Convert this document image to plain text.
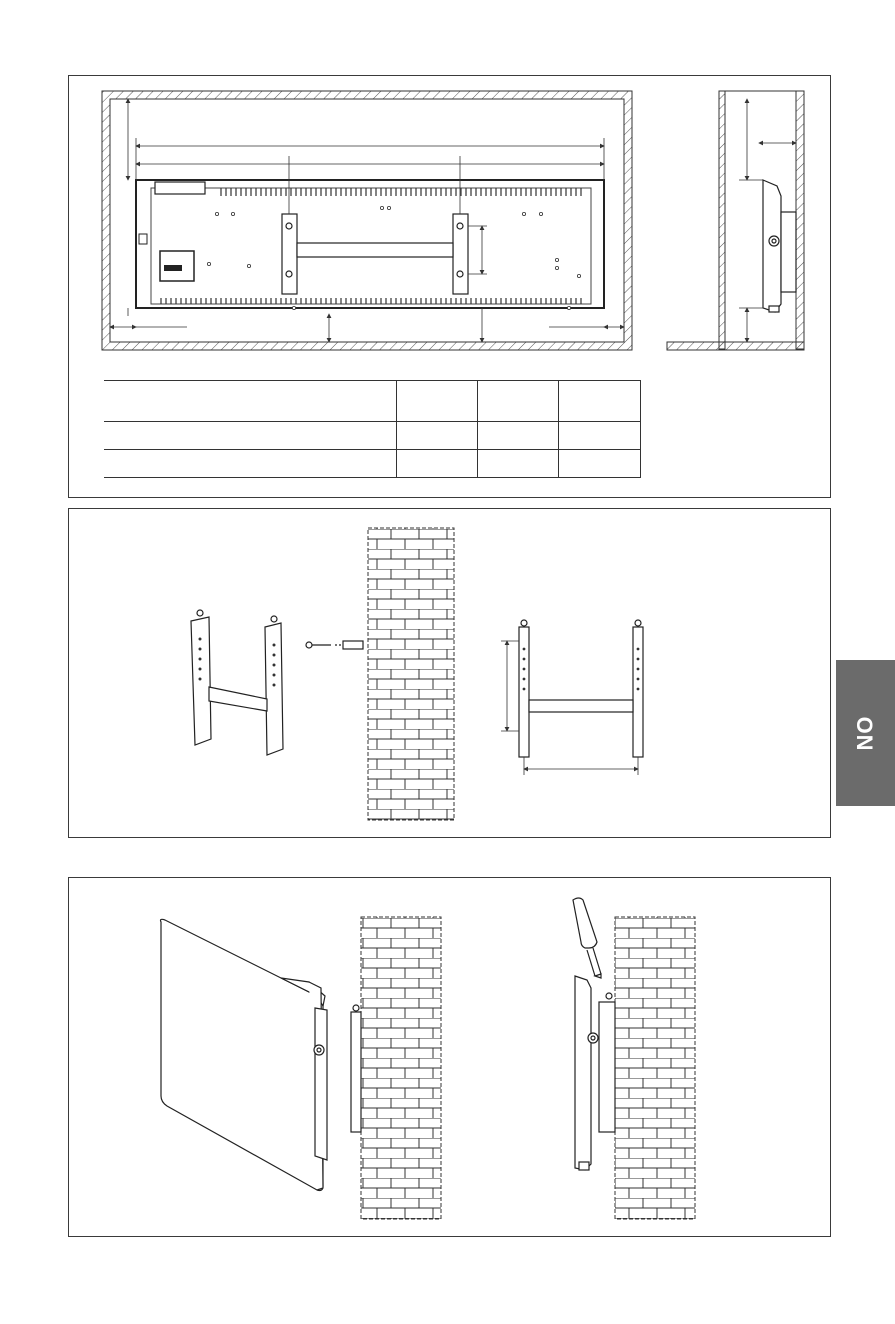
NO
